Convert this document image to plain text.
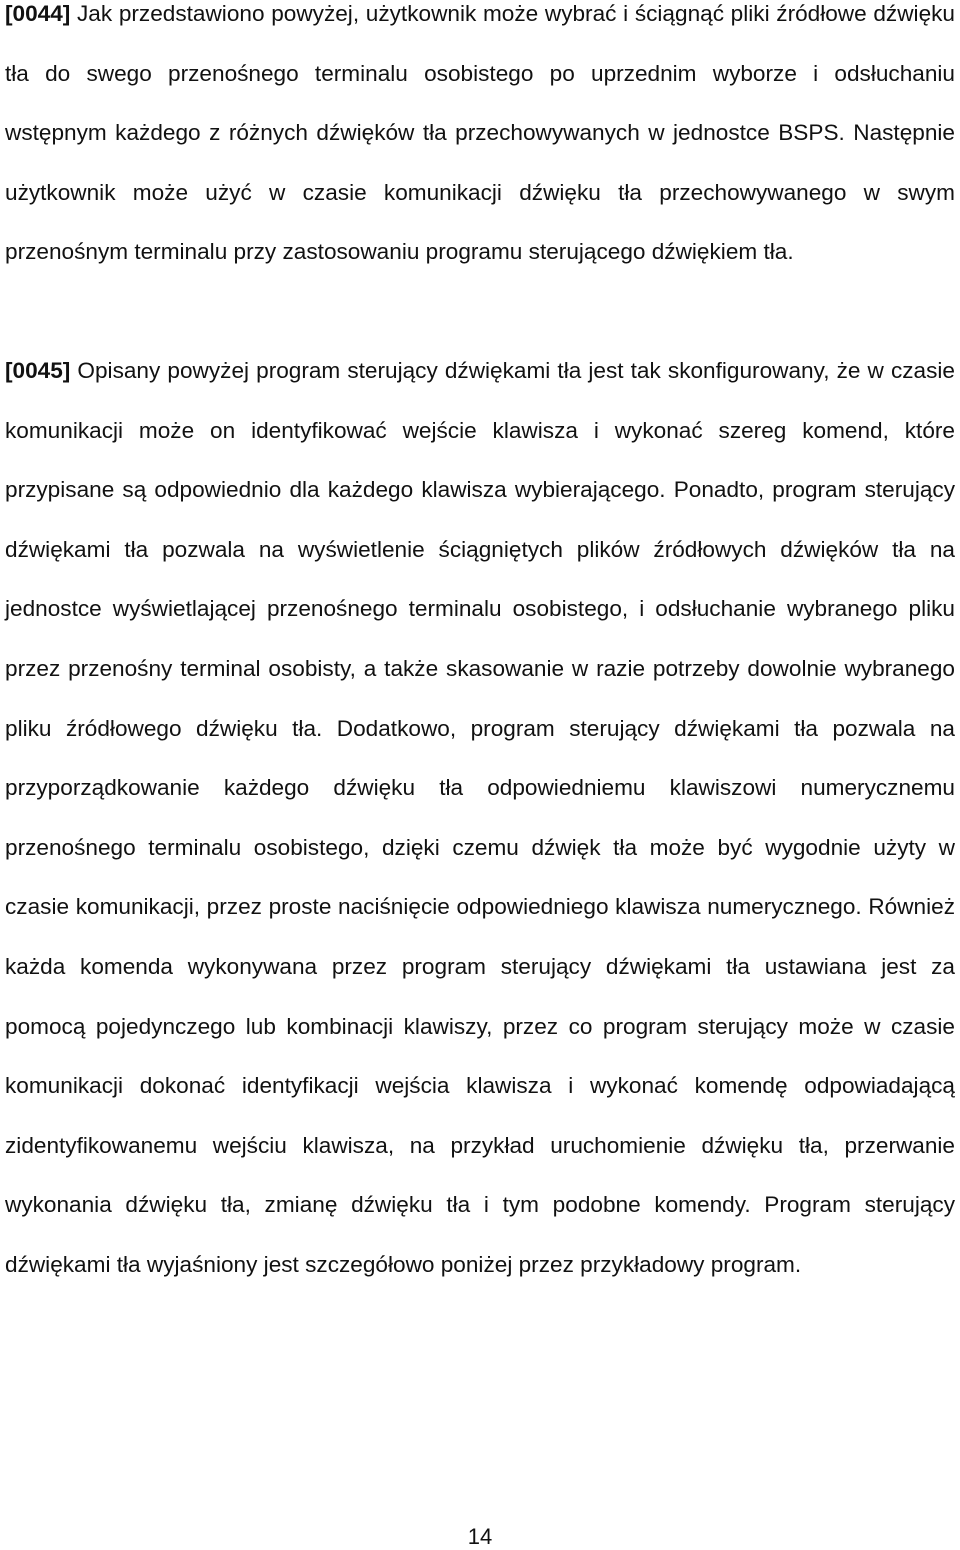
[0044] Jak przedstawiono powyżej, użytkownik może wybrać i ściągnąć pliki źródłowe dźwięku tła do swego przenośnego terminalu osobistego po uprzednim wyborze i odsłuchaniu wstępnym każdego z różnych dźwięków tła przechowywanych w jednostce BSPS. Następnie użytkownik może użyć w czasie komunikacji dźwięku tła przechowywanego w swym przenośnym terminalu przy zastosowaniu programu sterującego dźwiękiem tła.

[0045] Opisany powyżej program sterujący dźwiękami tła jest tak skonfigurowany, że w czasie komunikacji może on identyfikować wejście klawisza i wykonać szereg komend, które przypisane są odpowiednio dla każdego klawisza wybierającego. Ponadto, program sterujący dźwiękami tła pozwala na wyświetlenie ściągniętych plików źródłowych dźwięków tła na jednostce wyświetlającej przenośnego terminalu osobistego, i odsłuchanie wybranego pliku przez przenośny terminal osobisty, a także skasowanie w razie potrzeby dowolnie wybranego pliku źródłowego dźwięku tła. Dodatkowo, program sterujący dźwiękami tła pozwala na przyporządkowanie każdego dźwięku tła odpowiedniemu klawiszowi numerycznemu przenośnego terminalu osobistego, dzięki czemu dźwięk tła może być wygodnie użyty w czasie komunikacji, przez proste naciśnięcie odpowiedniego klawisza numerycznego. Również każda komenda wykonywana przez program sterujący dźwiękami tła ustawiana jest za pomocą pojedynczego lub kombinacji klawiszy, przez co program sterujący może w czasie komunikacji dokonać identyfikacji wejścia klawisza i wykonać komendę odpowiadającą zidentyfikowanemu wejściu klawisza, na przykład uruchomienie dźwięku tła, przerwanie wykonania dźwięku tła, zmianę dźwięku tła i tym podobne komendy. Program sterujący dźwiękami tła wyjaśniony jest szczegółowo poniżej przez przykładowy program.

14
